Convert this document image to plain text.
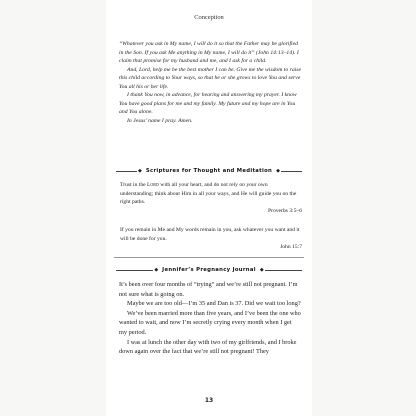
Conception

“Whatever you ask in My name, I will do it so that the Father may be glorified in the Son. If you ask Me anything in My name, I will do it” (John 14:13–14). I claim that promise for my husband and me, and I ask for a child.

And, Lord, help me be the best mother I can be. Give me the wisdom to raise this child according to Your ways, so that he or she grows to love You and serve You all his or her life.

I thank You now, in advance, for hearing and answering my prayer. I know You have good plans for me and my family. My future and my hope are in You and You alone.

In Jesus’ name I pray. Amen.

◆ Scriptures for Thought and Meditation ◆
Trust in the Lord with all your heart, and do not rely on your own understanding; think about Him in all your ways, and He will guide you on the right paths.
Proverbs 3:5–6
If you remain in Me and My words remain in you, ask whatever you want and it will be done for you.
John 15:7
◆ Jennifer’s Pregnancy Journal ◆

It’s been over four months of “trying” and we’re still not pregnant. I’m not sure what is going on.

Maybe we are too old—I’m 35 and Dan is 37. Did we wait too long?

We’ve been married more than five years, and I’ve been the one who wanted to wait, and now I’m secretly crying every month when I get my period.

I was at lunch the other day with two of my girlfriends, and I broke down again over the fact that we’re still not pregnant! They

13
